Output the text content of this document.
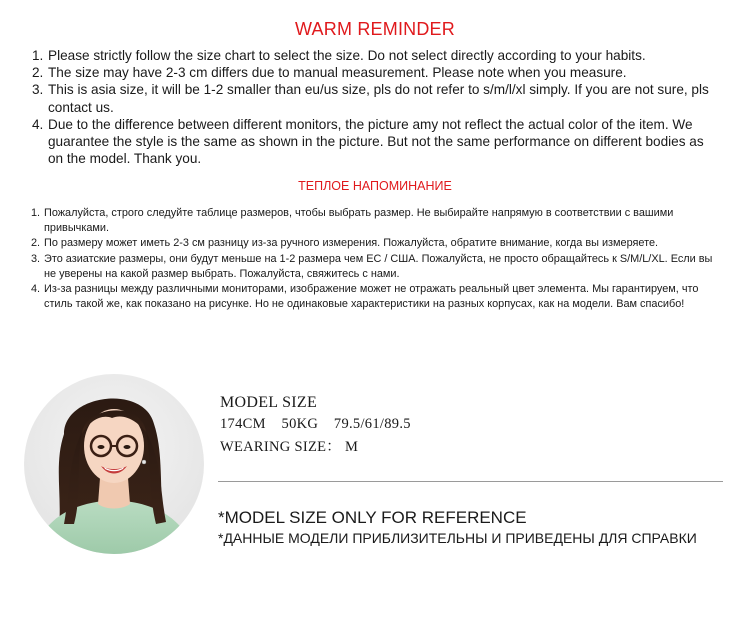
WARM REMINDER
1. Please strictly follow the size chart to select the size. Do not select directly according to your habits.
2. The size may have 2-3 cm differs due to manual measurement. Please note when you measure.
3. This is asia size, it will be 1-2 smaller than eu/us size, pls do not refer to s/m/l/xl simply. If you are not sure, pls contact us.
4. Due to the difference between different monitors, the picture amy not reflect the actual color of the item. We guarantee the style is the same as shown in the picture. But not the same performance on different bodies as on the model. Thank you.
ТЕПЛОЕ НАПОМИНАНИЕ
1. Пожалуйста, строго следуйте таблице размеров, чтобы выбрать размер. Не выбирайте напрямую в соответствии с вашими привычками.
2. По размеру может иметь 2-3 см разницу из-за ручного измерения. Пожалуйста, обратите внимание, когда вы измеряете.
3. Это азиатские размеры, они будут меньше на 1-2 размера чем ЕС / США. Пожалуйста, не просто обращайтесь к S/M/L/XL. Если вы не уверены на какой размер выбрать. Пожалуйста, свяжитесь с нами.
4. Из-за разницы между различными мониторами, изображение может не отражать реальный цвет элемента. Мы гарантируем, что стиль такой же, как показано на рисунке. Но не одинаковые характеристики на разных корпусах, как на модели. Вам спасибо!
MODEL SIZE
174CM 50KG 79.5/61/89.5
WEARING SIZE： M
*MODEL SIZE ONLY FOR REFERENCE
*ДАННЫЕ МОДЕЛИ ПРИБЛИЗИТЕЛЬНЫ И ПРИВЕДЕНЫ ДЛЯ СПРАВКИ
